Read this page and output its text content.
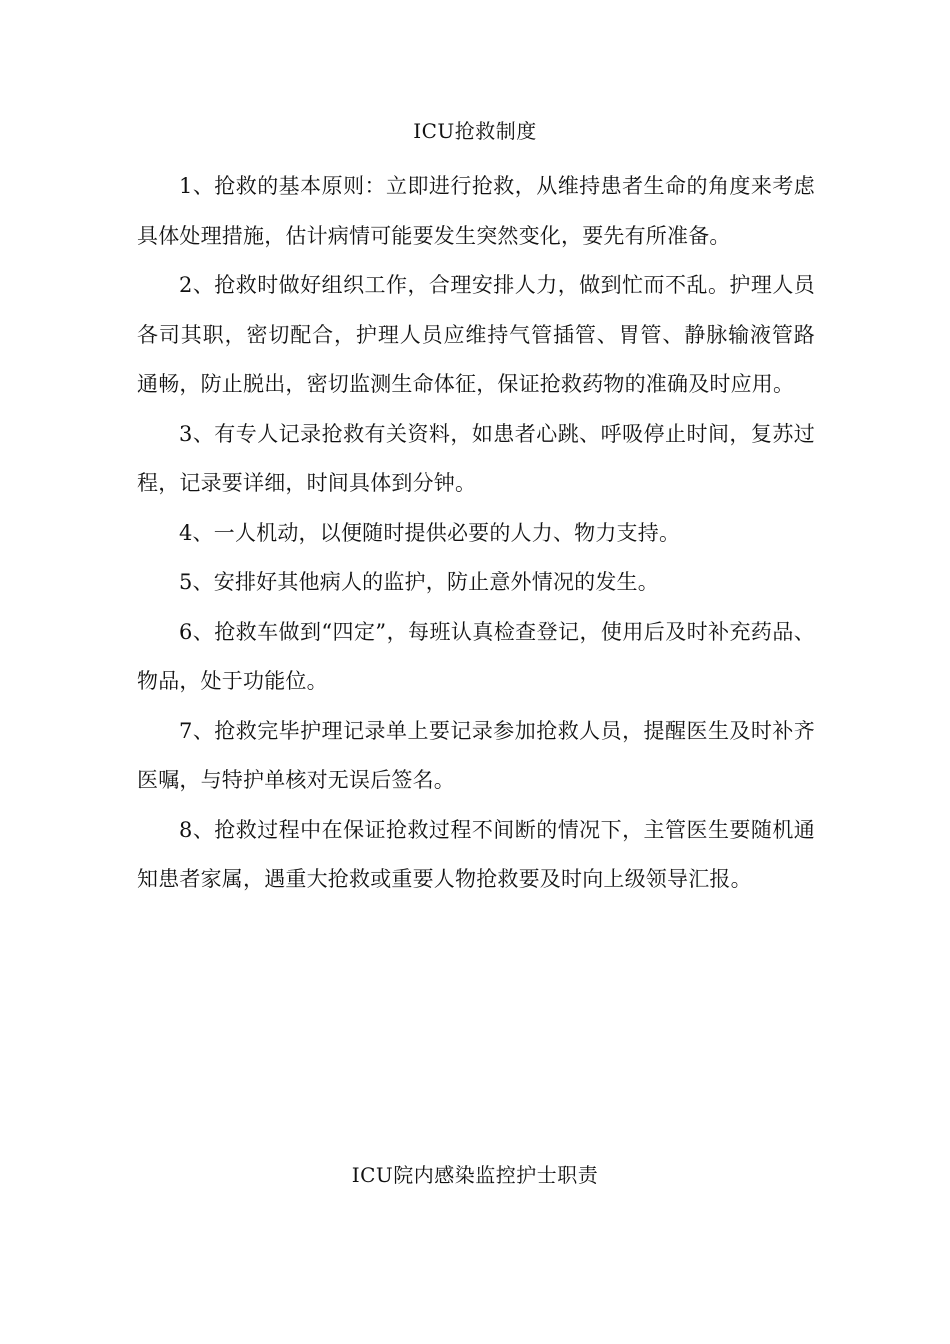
ICU抢救制度

1、抢救的基本原则：立即进行抢救，从维持患者生命的角度来考虑具体处理措施，估计病情可能要发生突然变化，要先有所准备。

2、抢救时做好组织工作，合理安排人力，做到忙而不乱。护理人员各司其职，密切配合，护理人员应维持气管插管、胃管、静脉输液管路通畅，防止脱出，密切监测生命体征，保证抢救药物的准确及时应用。

3、有专人记录抢救有关资料，如患者心跳、呼吸停止时间，复苏过程，记录要详细，时间具体到分钟。

4、一人机动，以便随时提供必要的人力、物力支持。

5、安排好其他病人的监护，防止意外情况的发生。

6、抢救车做到“四定”，每班认真检查登记，使用后及时补充药品、物品，处于功能位。

7、抢救完毕护理记录单上要记录参加抢救人员，提醒医生及时补齐医嘱，与特护单核对无误后签名。

8、抢救过程中在保证抢救过程不间断的情况下，主管医生要随机通知患者家属，遇重大抢救或重要人物抢救要及时向上级领导汇报。

ICU院内感染监控护士职责
